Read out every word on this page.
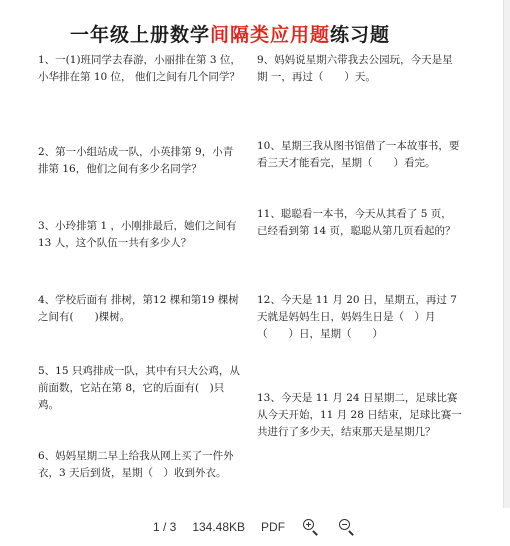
一年级上册数学间隔类应用题练习题
1、一(1)班同学去春游，小丽排在第 3 位，小华排在第 10 位， 他们之间有几个同学？
2、第一小组站成一队，小英排第 9，小青排第 16，他们之间有多少名同学？
3、小玲排第 1 ，小刚排最后，她们之间有 13 人，这个队伍一共有多少人？
4、学校后面有 排树，第12 棵和第19 棵树之间有(　　)棵树。
5、15 只鸡排成一队，其中有只大公鸡，从前面数，它站在第 8，它的后面有(　)只鸡。
6、妈妈星期二早上给我从网上买了一件外衣，3 天后到货，星期（　）收到外衣。
9、妈妈说星期六带我去公园玩，今天是星期 一，再过（　　）天。
10、星期三我从图书馆借了一本故事书，要看三天才能看完，星期（　　）看完。
11、聪聪看一本书，今天从其看了 5 页，已经看到第 14 页，聪聪从第几页看起的？
12、今天是 11 月 20 日，星期五，再过 7 天就是妈妈生日，妈妈生日是（　）月（　　）日，星期（　　）
13、今天是 11 月 24 日星期二，足球比赛从今天开始，11 月 28 日结束，足球比赛一共进行了多少天，结束那天是星期几？
1 / 3 134.48KB PDF
